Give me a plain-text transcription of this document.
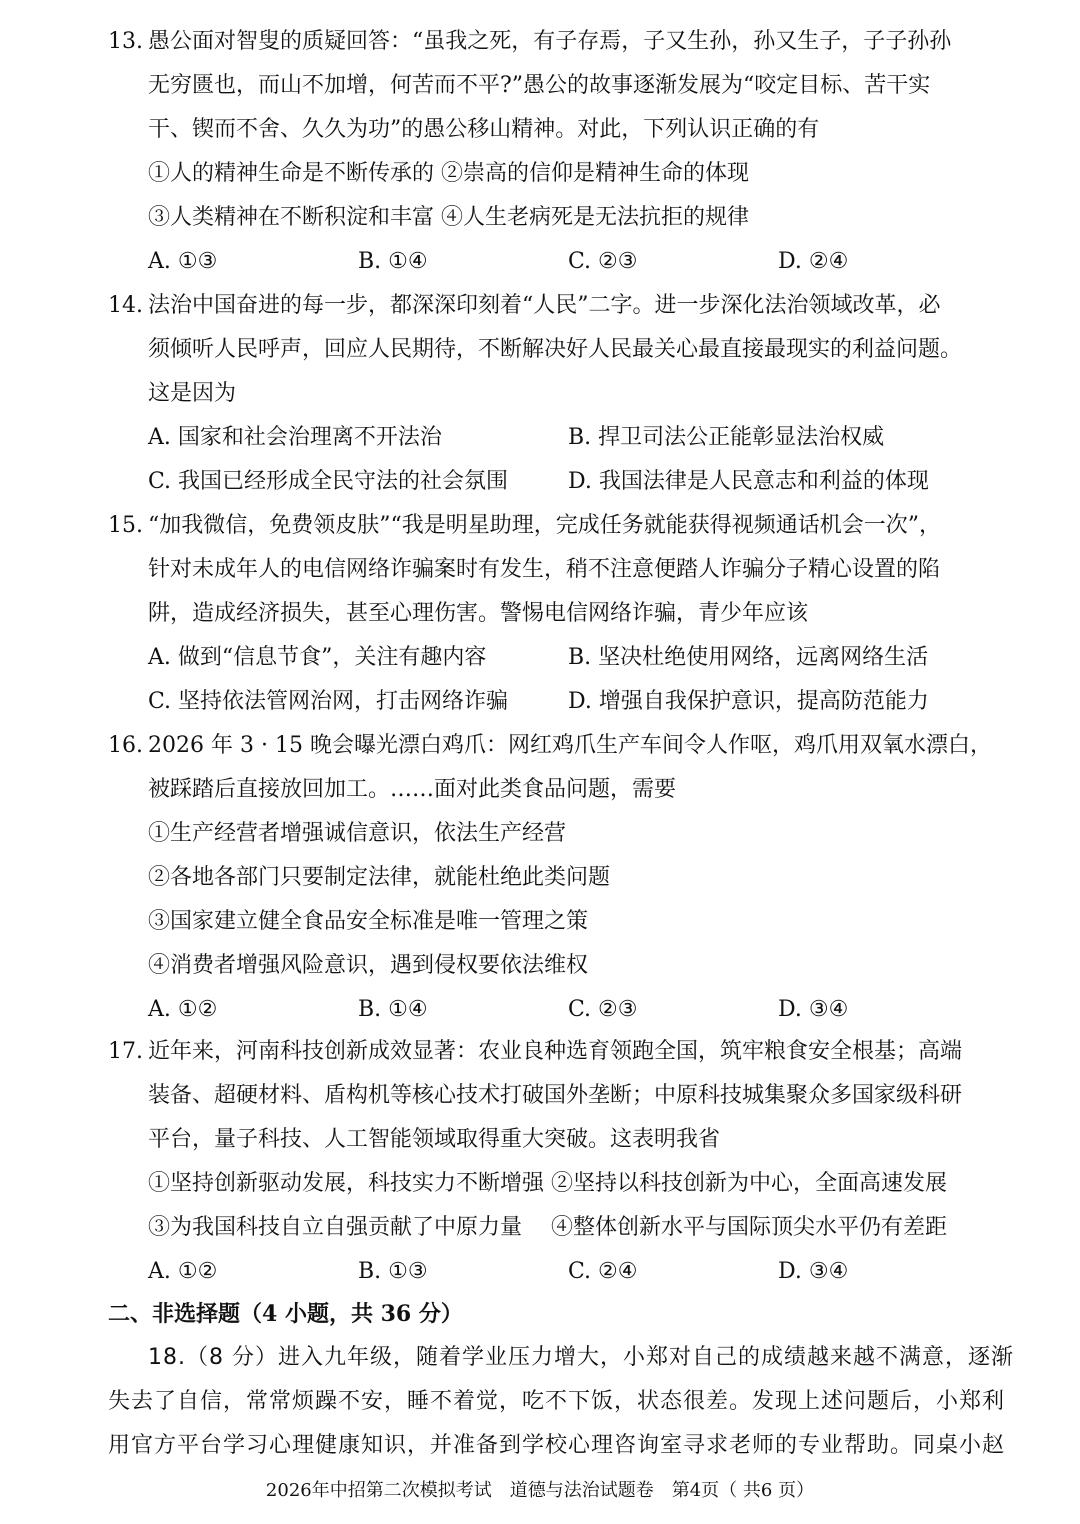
13. 愚公面对智叟的质疑回答：“虽我之死，有子存焉，子又生孙，孙又生子，子子孙孙
无穷匮也，而山不加增，何苦而不平?”愚公的故事逐渐发展为“咬定目标、苦干实
干、锲而不舍、久久为功”的愚公移山精神。对此，下列认识正确的有
①人的精神生命是不断传承的 ②崇高的信仰是精神生命的体现
③人类精神在不断积淀和丰富 ④人生老病死是无法抗拒的规律
A. ①③	B. ①④	C. ②③	D. ②④
14. 法治中国奋进的每一步，都深深印刻着“人民”二字。进一步深化法治领域改革，必
须倾听人民呼声，回应人民期待，不断解决好人民最关心最直接最现实的利益问题。
这是因为
A. 国家和社会治理离不开法治	B. 捍卫司法公正能彰显法治权威
C. 我国已经形成全民守法的社会氛围	D. 我国法律是人民意志和利益的体现
15. “加我微信，免费领皮肤”“我是明星助理，完成任务就能获得视频通话机会一次”，
针对未成年人的电信网络诈骗案时有发生，稍不注意便踏人诈骗分子精心设置的陷
阱，造成经济损失，甚至心理伤害。警惕电信网络诈骗，青少年应该
A. 做到“信息节食”，关注有趣内容	B. 坚决杜绝使用网络，远离网络生活
C. 坚持依法管网治网，打击网络诈骗	D. 增强自我保护意识，提高防范能力
16. 2026 年 3 · 15 晚会曝光漂白鸡爪：网红鸡爪生产车间令人作呕，鸡爪用双氧水漂白，
被踩踏后直接放回加工。……面对此类食品问题，需要
①生产经营者增强诚信意识，依法生产经营
②各地各部门只要制定法律，就能杜绝此类问题
③国家建立健全食品安全标准是唯一管理之策
④消费者增强风险意识，遇到侵权要依法维权
A. ①②	B. ①④	C. ②③	D. ③④
17. 近年来，河南科技创新成效显著：农业良种选育领跑全国，筑牢粮食安全根基；高端
装备、超硬材料、盾构机等核心技术打破国外垄断；中原科技城集聚众多国家级科研
平台，量子科技、人工智能领域取得重大突破。这表明我省
①坚持创新驱动发展，科技实力不断增强 ②坚持以科技创新为中心，全面高速发展
③为我国科技自立自强贡献了中原力量　 ④整体创新水平与国际顶尖水平仍有差距
A. ①②	B. ①③	C. ②④	D. ③④
二、非选择题（4 小题，共 36 分）
18.（8 分）进入九年级，随着学业压力增大，小郑对自己的成绩越来越不满意，逐渐
失去了自信，常常烦躁不安，睡不着觉，吃不下饭，状态很差。发现上述问题后，小郑利
用官方平台学习心理健康知识，并准备到学校心理咨询室寻求老师的专业帮助。同桌小赵
2026年中招第二次模拟考试　道德与法治试题卷　第4页（ 共6 页）
